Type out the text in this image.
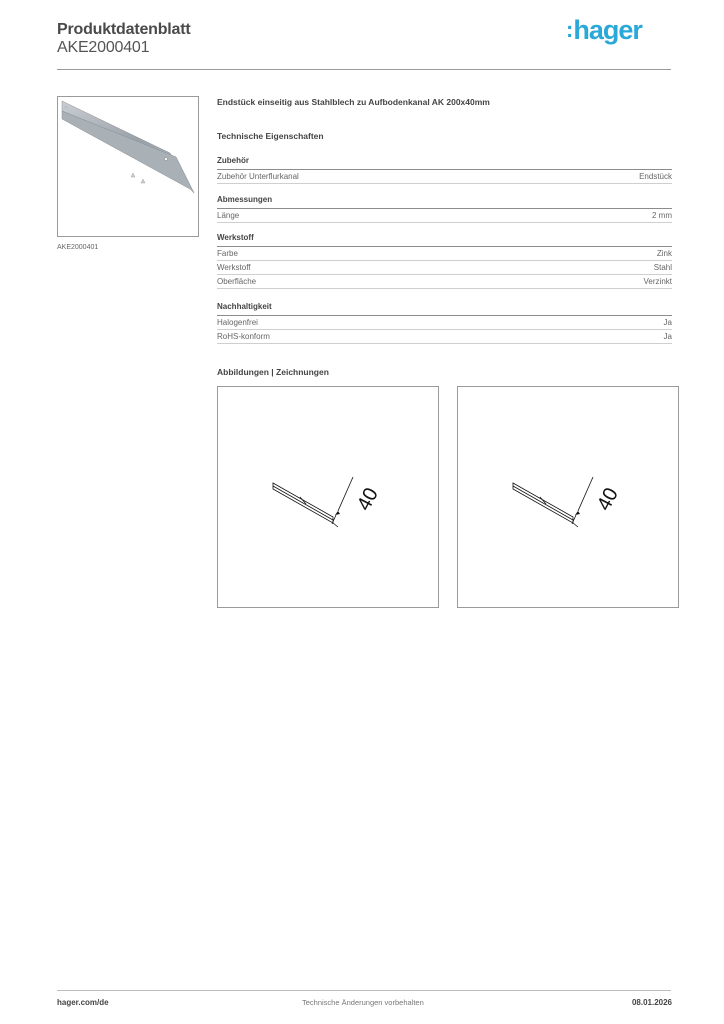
Produktdatenblatt
AKE2000401
:hager
AKE2000401
Endstück einseitig aus Stahlblech zu Aufbodenkanal AK 200x40mm
Technische Eigenschaften
Zubehör
Zubehör Unterflurkanal	Endstück
Abmessungen
Länge	2 mm
Werkstoff
Farbe	Zink
Werkstoff	Stahl
Oberfläche	Verzinkt
Nachhaltigkeit
Halogenfrei	Ja
RoHS-konform	Ja
Abbildungen | Zeichnungen
40	40
hager.com/de	Technische Änderungen vorbehalten	08.01.2026
